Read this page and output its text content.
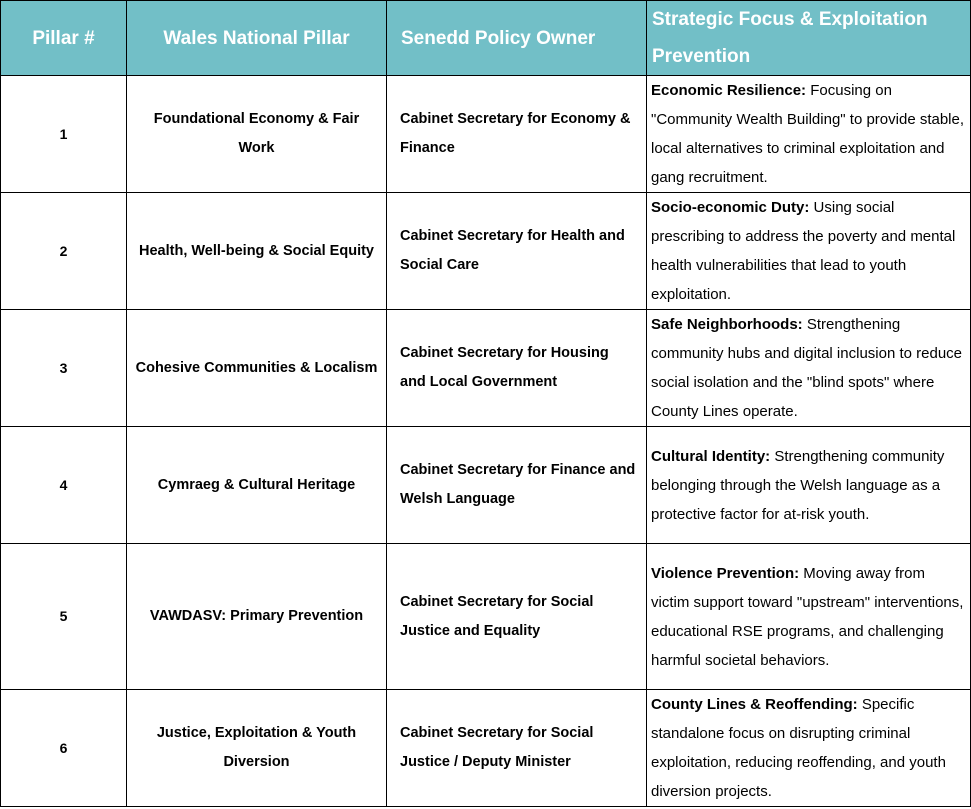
Pillar #	Wales National Pillar	Senedd Policy Owner	Strategic Focus & Exploitation Prevention
1	Foundational Economy & Fair Work	Cabinet Secretary for Economy & Finance	Economic Resilience: Focusing on "Community Wealth Building" to provide stable, local alternatives to criminal exploitation and gang recruitment.
2	Health, Well-being & Social Equity	Cabinet Secretary for Health and Social Care	Socio-economic Duty: Using social prescribing to address the poverty and mental health vulnerabilities that lead to youth exploitation.
3	Cohesive Communities & Localism	Cabinet Secretary for Housing and Local Government	Safe Neighborhoods: Strengthening community hubs and digital inclusion to reduce social isolation and the "blind spots" where County Lines operate.
4	Cymraeg & Cultural Heritage	Cabinet Secretary for Finance and Welsh Language	Cultural Identity: Strengthening community belonging through the Welsh language as a protective factor for at-risk youth.
5	VAWDASV: Primary Prevention	Cabinet Secretary for Social Justice and Equality	Violence Prevention: Moving away from victim support toward "upstream" interventions, educational RSE programs, and challenging harmful societal behaviors.
6	Justice, Exploitation & Youth Diversion	Cabinet Secretary for Social Justice / Deputy Minister	County Lines & Reoffending: Specific standalone focus on disrupting criminal exploitation, reducing reoffending, and youth diversion projects.
